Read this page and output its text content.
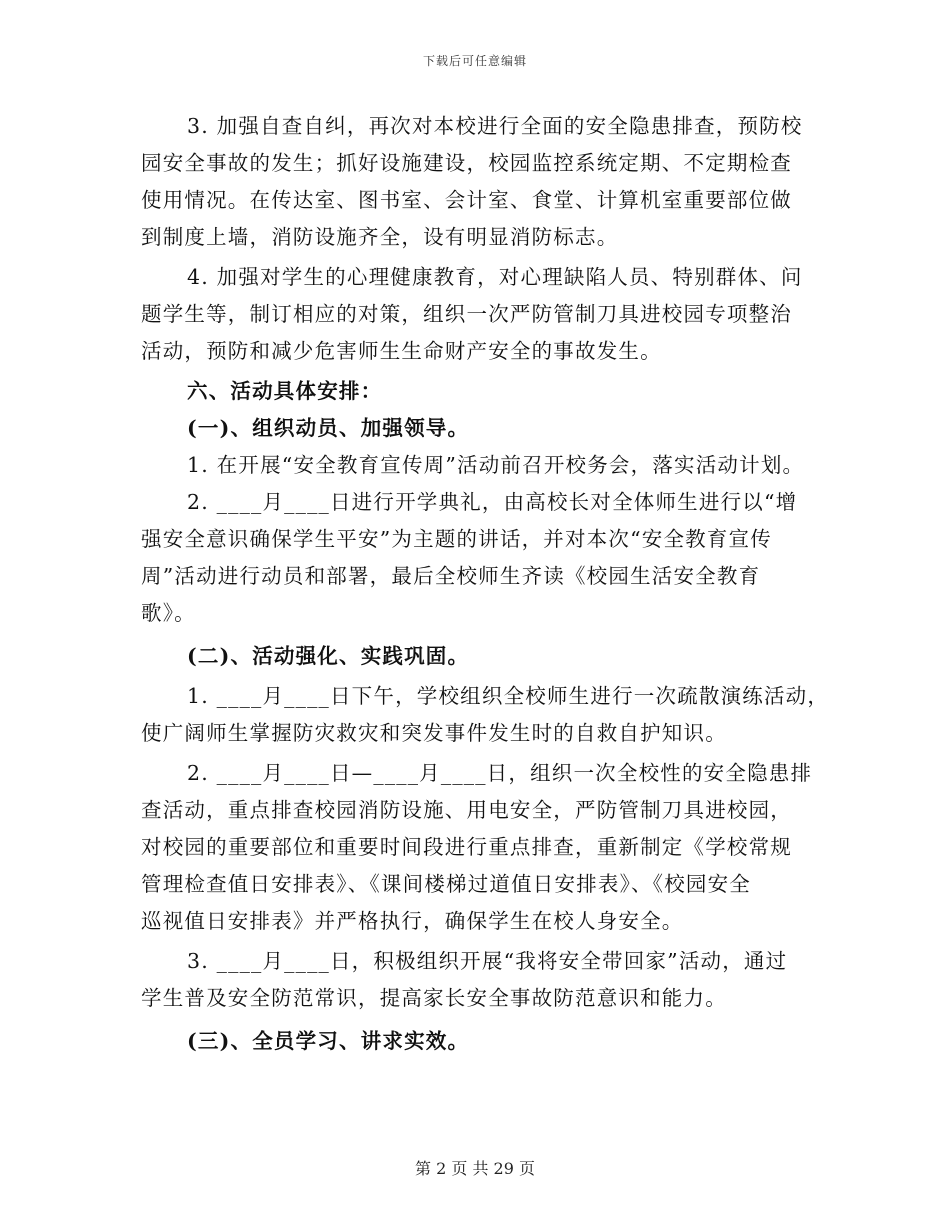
下载后可任意编辑
3. 加强自查自纠，再次对本校进行全面的安全隐患排查，预防校
园安全事故的发生；抓好设施建设，校园监控系统定期、不定期检查
使用情况。在传达室、图书室、会计室、食堂、计算机室重要部位做
到制度上墙，消防设施齐全，设有明显消防标志。
4. 加强对学生的心理健康教育，对心理缺陷人员、特别群体、问
题学生等，制订相应的对策，组织一次严防管制刀具进校园专项整治
活动，预防和减少危害师生生命财产安全的事故发生。
六、活动具体安排：
(一)、组织动员、加强领导。
1. 在开展“安全教育宣传周”活动前召开校务会，落实活动计划。
2. ____月____日进行开学典礼，由高校长对全体师生进行以“增
强安全意识确保学生平安”为主题的讲话，并对本次“安全教育宣传
周”活动进行动员和部署，最后全校师生齐读《校园生活安全教育
歌》。
(二)、活动强化、实践巩固。
1. ____月____日下午，学校组织全校师生进行一次疏散演练活动，
使广阔师生掌握防灾救灾和突发事件发生时的自救自护知识。
2. ____月____日—____月____日，组织一次全校性的安全隐患排
查活动，重点排查校园消防设施、用电安全，严防管制刀具进校园，
对校园的重要部位和重要时间段进行重点排查，重新制定《学校常规
管理检查值日安排表》、《课间楼梯过道值日安排表》、《校园安全
巡视值日安排表》并严格执行，确保学生在校人身安全。
3. ____月____日，积极组织开展“我将安全带回家”活动，通过
学生普及安全防范常识，提高家长安全事故防范意识和能力。
(三)、全员学习、讲求实效。
第 2 页 共 29 页
